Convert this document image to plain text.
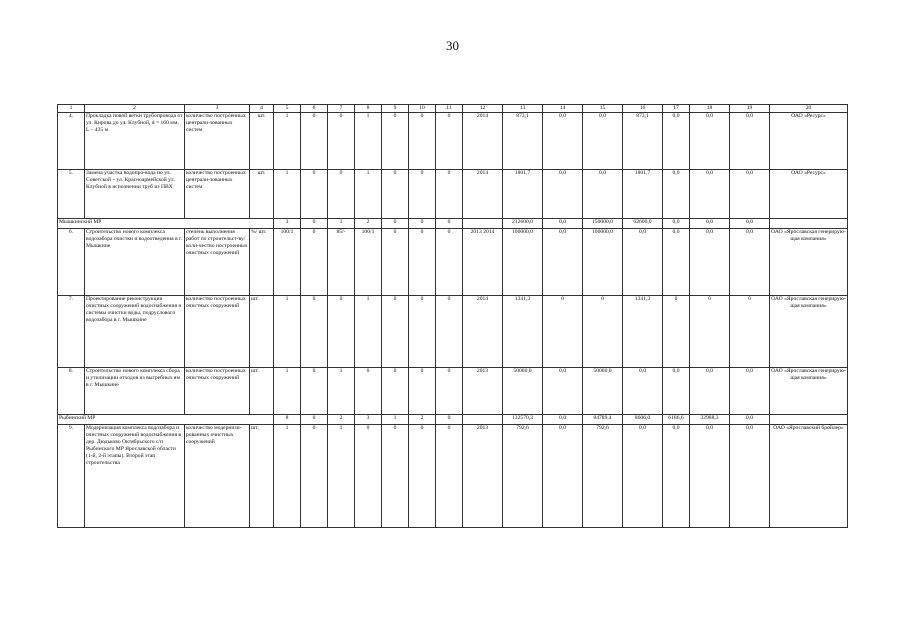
30
1	2	3	4	5	6	7	8	9	10	11	12	13	14	15	16	17	18	19	20
4.	Прокладка новой ветки трубопровода от ул. Кирова до ул. Клубной, d = 160 мм, L – 435 м	количество построенных централи-зованных систем	шт.	1	0	0	1	0	0	0	2014	873,1	0,0	0,0	873,1	0,0	0,0	0,0	ОАО «Ресурс»
5.	Замена участка водопро-вода по ул. Советской – ул. Красноармейской ул. Клубной в исполнении труб из ПВХ	количество построенных централи-зованных систем	шт.	1	0	0	1	0	0	0	2014	1801,7	0,0	0,0	1801,7	0,0	0,0	0,0	ОАО «Ресурс»
Мышкинский МР				3	0	1	2	0	0	0		212600,0	0,0	150000,0	62600,0	0,0	0,0	0,0	
6.	Строительство нового комплекса водозабора очистки и водоотведения в г. Мышкине	степень выполнения работ по строительст-ву/ коли-чество построенных очистных сооружений	%/ шт.	100/1	0	85/-	100/1	0	0	0	2013 2014	100000,0	0,0	100000,0	0,0	0,0	0,0	0,0	ОАО «Ярославская генерирую-щая компания»
7.	Проектирование реконструкции очистных сооружений водоснабжения и системы очистки воды, подруслового водозабора в г. Мышкине	количество построенных очистных сооружений	шт.	1	0	0	1	0	0	0	2014	1341,3	0	0	1341,3	0	0	0	ОАО «Ярославская генерирую-щая компания»
8.	Строительство нового комплекса сбора и утилизации отходов из выгребных ям в г. Мышкине	количество построенных очистных сооружений	шт.	1	0	1	0	0	0	0	2013	50000,0	0,0	50000,0	0,0	0,0	0,0	0,0	ОАО «Ярославская генерирую-щая компания»
Рыбинский МР				8	0	2	3	1	2	0		132570,3	0,0	84789,4	8606,0	6186,6	32988,3	0,0	
9.	Модернизация комплекса водозабора и очистных сооружений водоснабжения в дер. Дюдьково Октябрьского с/п Рыбинского МР Ярославской области (1-й, 2-й этапы). Второй этап строительства	количество модернизи-рованных очистных сооружений	шт.	1	0	1	0	0	0	0	2013	792,6	0,0	792,6	0,0	0,0	0,0	0,0	ОАО «Ярославский бройлер»
